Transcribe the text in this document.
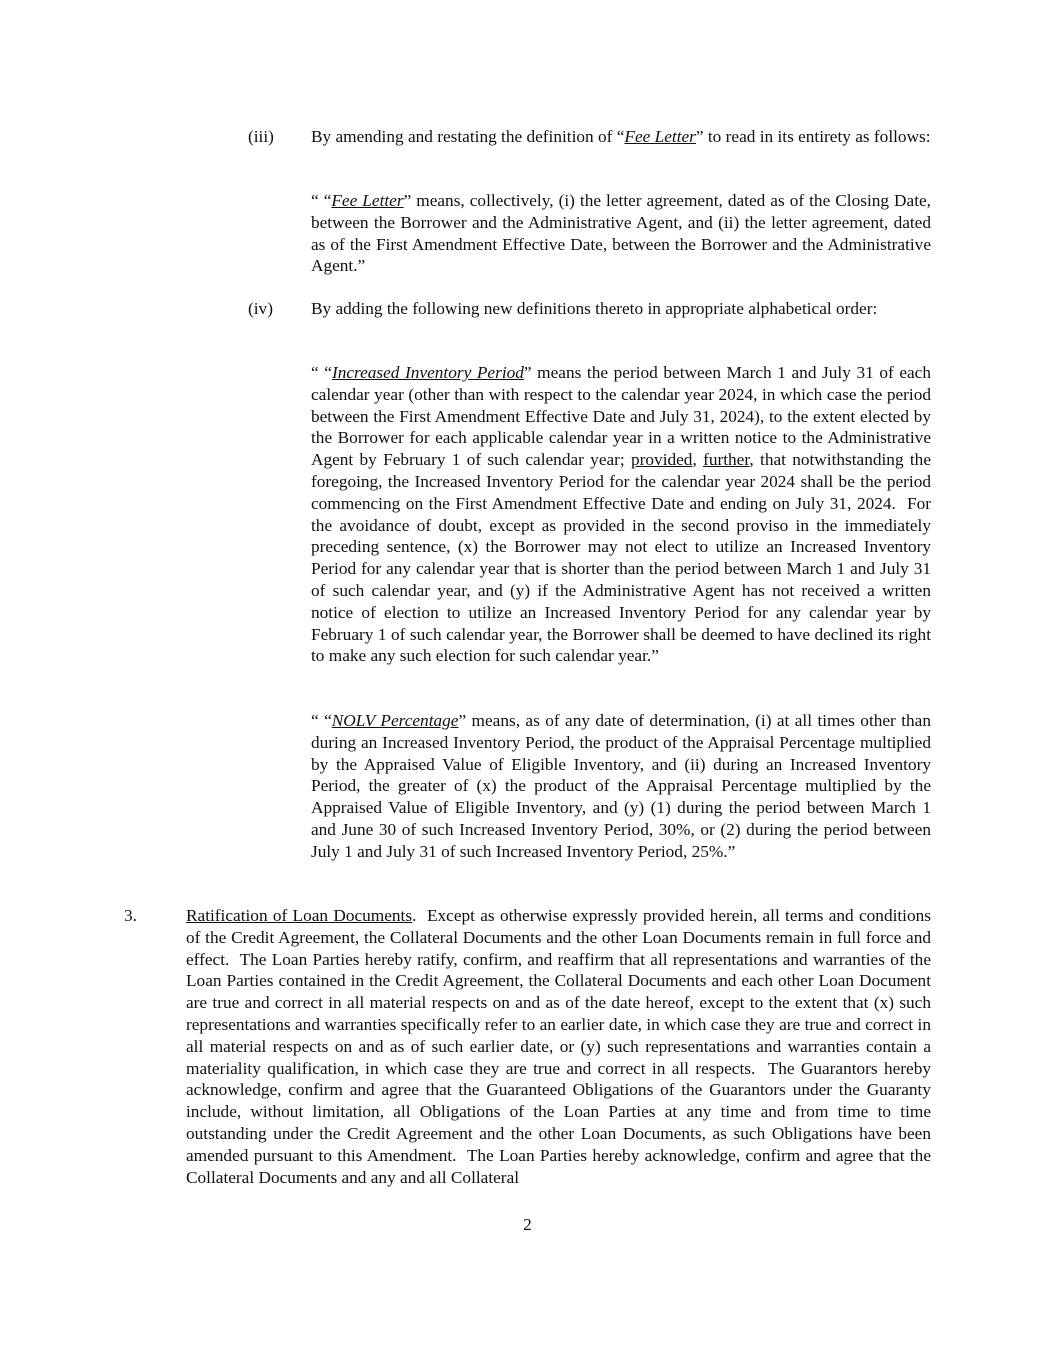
(iii) By amending and restating the definition of “Fee Letter” to read in its entirety as follows:

“ “Fee Letter” means, collectively, (i) the letter agreement, dated as of the Closing Date, between the Borrower and the Administrative Agent, and (ii) the letter agreement, dated as of the First Amendment Effective Date, between the Borrower and the Administrative Agent.”

(iv) By adding the following new definitions thereto in appropriate alphabetical order:

“ “Increased Inventory Period” means the period between March 1 and July 31 of each calendar year (other than with respect to the calendar year 2024, in which case the period between the First Amendment Effective Date and July 31, 2024), to the extent elected by the Borrower for each applicable calendar year in a written notice to the Administrative Agent by February 1 of such calendar year; provided, further, that notwithstanding the foregoing, the Increased Inventory Period for the calendar year 2024 shall be the period commencing on the First Amendment Effective Date and ending on July 31, 2024.  For the avoidance of doubt, except as provided in the second proviso in the immediately preceding sentence, (x) the Borrower may not elect to utilize an Increased Inventory Period for any calendar year that is shorter than the period between March 1 and July 31 of such calendar year, and (y) if the Administrative Agent has not received a written notice of election to utilize an Increased Inventory Period for any calendar year by February 1 of such calendar year, the Borrower shall be deemed to have declined its right to make any such election for such calendar year.”

“ “NOLV Percentage” means, as of any date of determination, (i) at all times other than during an Increased Inventory Period, the product of the Appraisal Percentage multiplied by the Appraised Value of Eligible Inventory, and (ii) during an Increased Inventory Period, the greater of (x) the product of the Appraisal Percentage multiplied by the Appraised Value of Eligible Inventory, and (y) (1) during the period between March 1 and June 30 of such Increased Inventory Period, 30%, or (2) during the period between July 1 and July 31 of such Increased Inventory Period, 25%.”

3.	Ratification of Loan Documents.  Except as otherwise expressly provided herein, all terms and conditions of the Credit Agreement, the Collateral Documents and the other Loan Documents remain in full force and effect.  The Loan Parties hereby ratify, confirm, and reaffirm that all representations and warranties of the Loan Parties contained in the Credit Agreement, the Collateral Documents and each other Loan Document are true and correct in all material respects on and as of the date hereof, except to the extent that (x) such representations and warranties specifically refer to an earlier date, in which case they are true and correct in all material respects on and as of such earlier date, or (y) such representations and warranties contain a materiality qualification, in which case they are true and correct in all respects.  The Guarantors hereby acknowledge, confirm and agree that the Guaranteed Obligations of the Guarantors under the Guaranty include, without limitation, all Obligations of the Loan Parties at any time and from time to time outstanding under the Credit Agreement and the other Loan Documents, as such Obligations have been amended pursuant to this Amendment.  The Loan Parties hereby acknowledge, confirm and agree that the Collateral Documents and any and all Collateral

2
